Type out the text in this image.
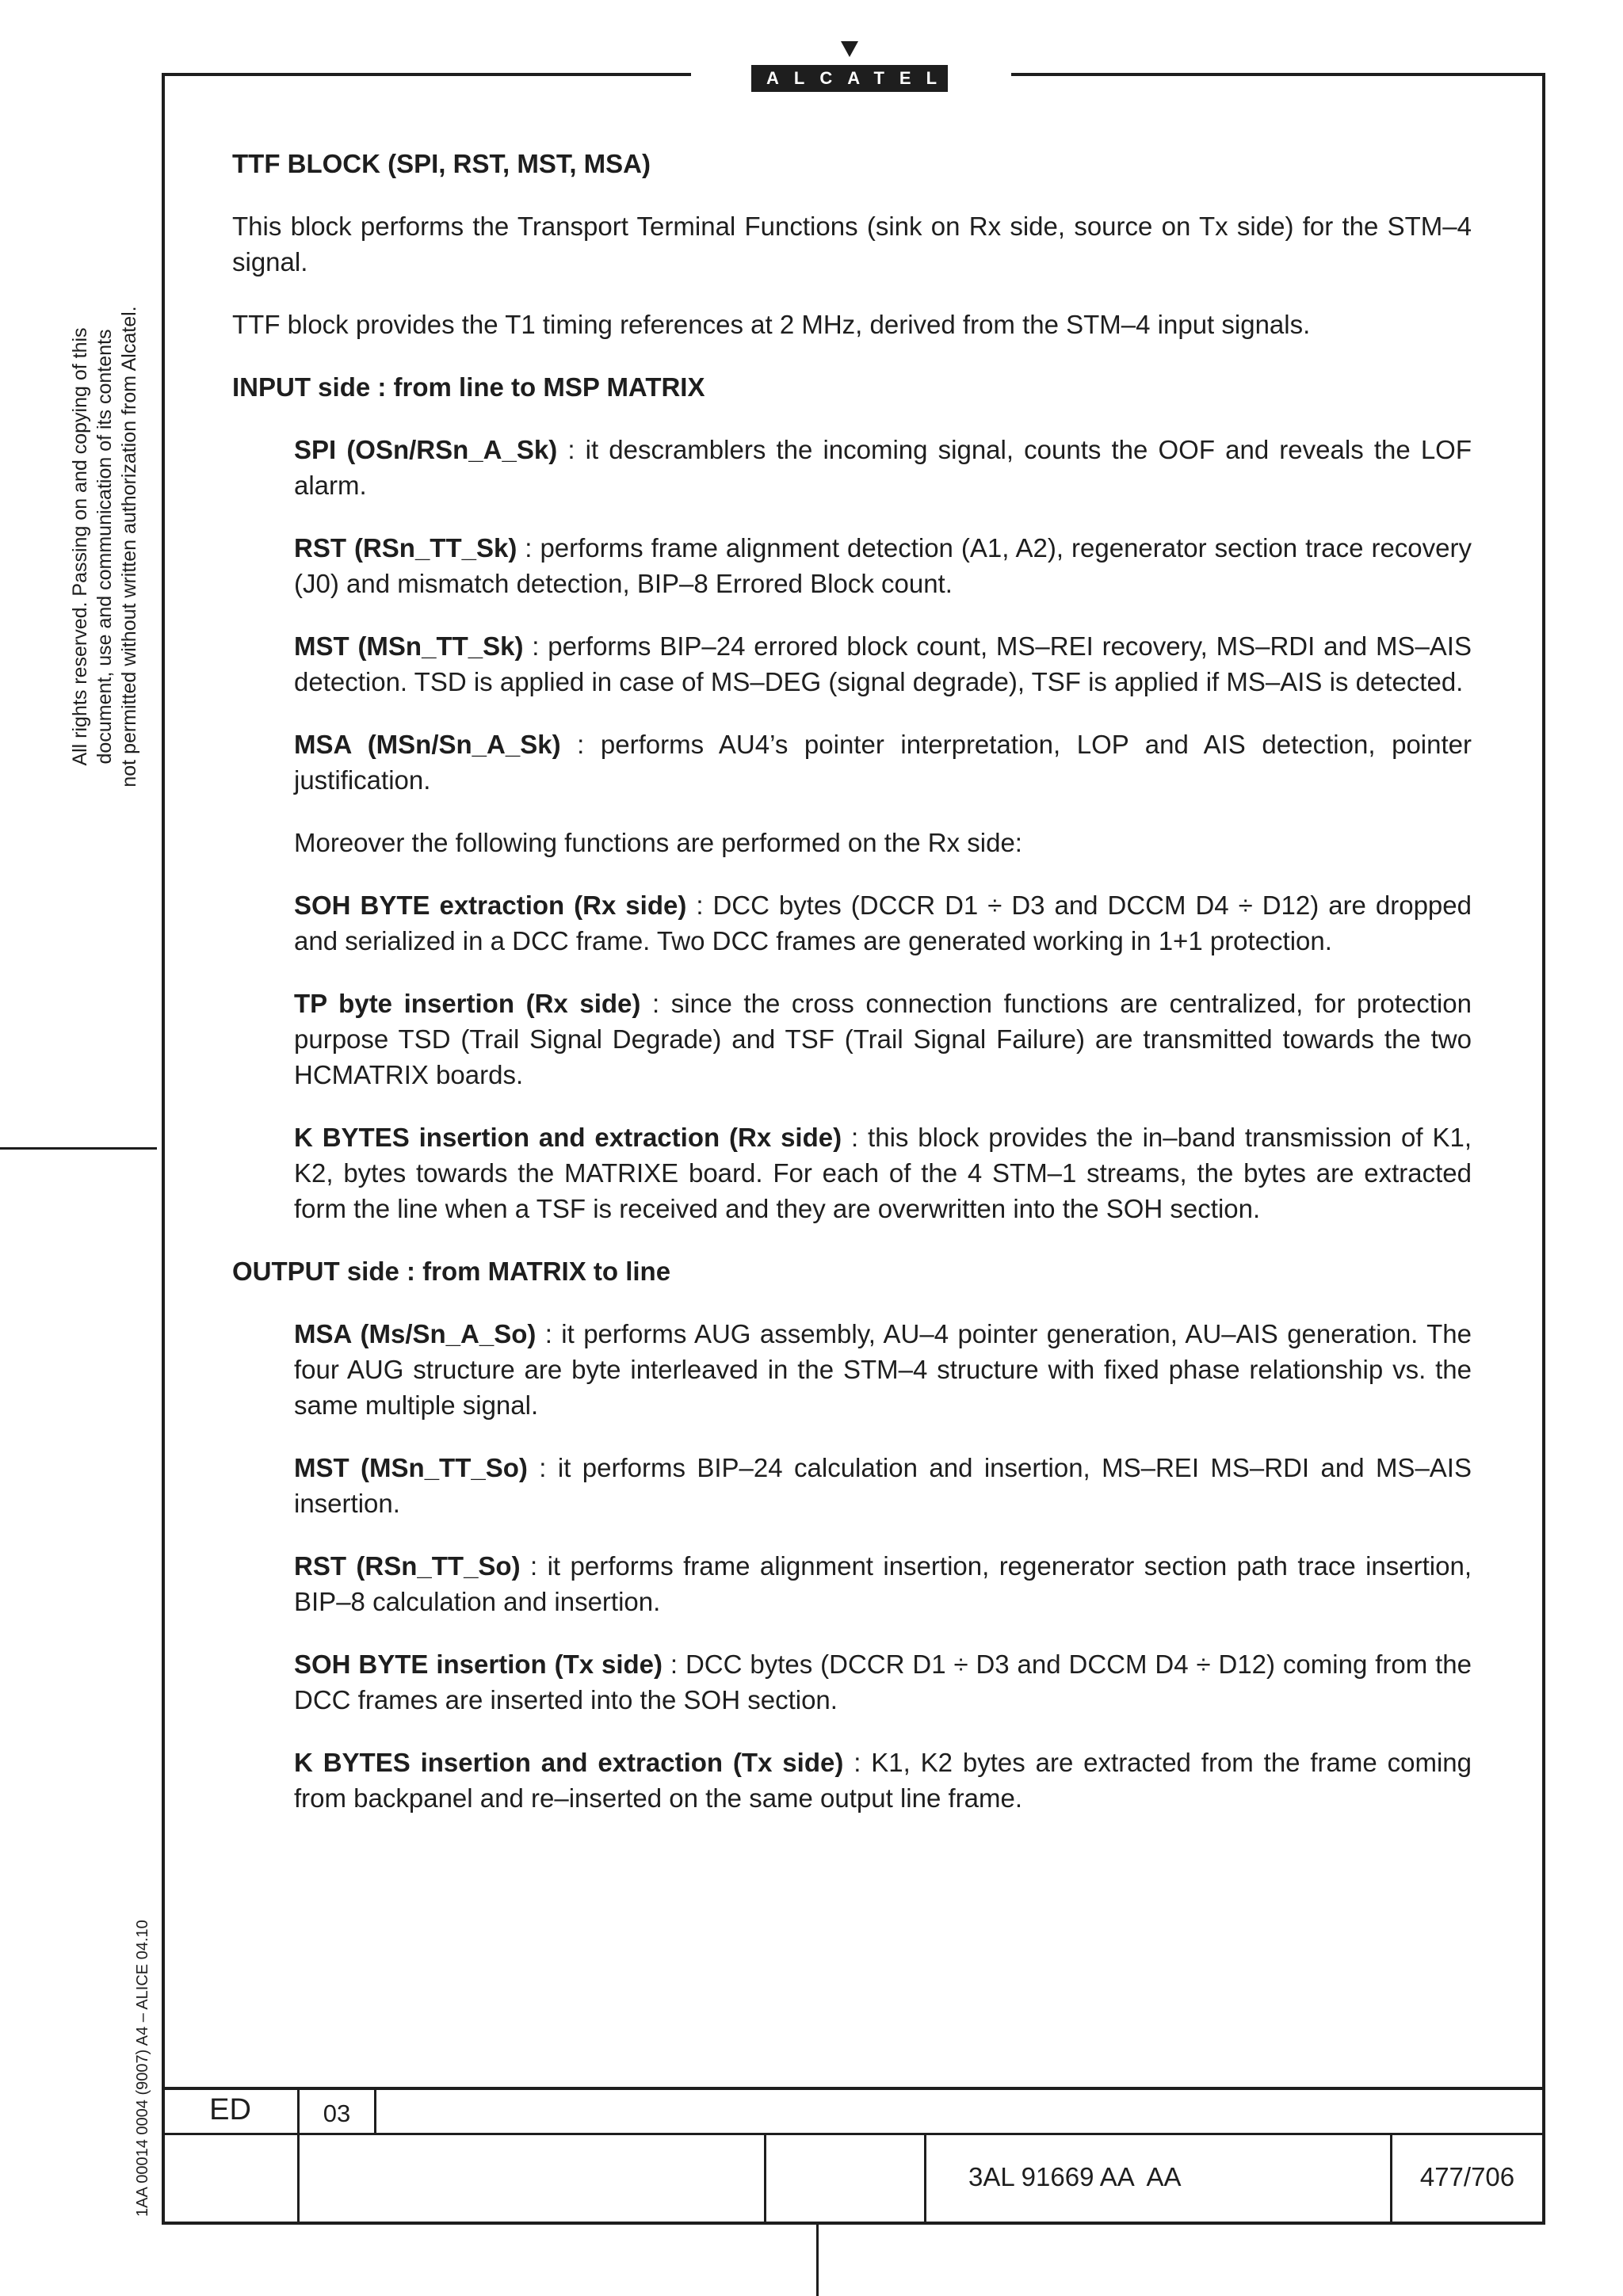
ALCATEL
All rights reserved. Passing on and copying of this document, use and communication of its contents not permitted without written authorization from Alcatel.
1AA 00014 0004 (9007) A4 – ALICE 04.10

TTF BLOCK (SPI, RST, MST, MSA)

This block performs the Transport Terminal Functions (sink on Rx side, source on Tx side) for the STM–4 signal.

TTF block provides the T1 timing references at 2 MHz, derived from the STM–4 input signals.

INPUT side : from line to MSP MATRIX

SPI (OSn/RSn_A_Sk) : it descramblers the incoming signal, counts the OOF and reveals the LOF alarm.

RST (RSn_TT_Sk) : performs frame alignment detection (A1, A2), regenerator section trace recovery (J0) and mismatch detection, BIP–8 Errored Block count.

MST (MSn_TT_Sk) : performs BIP–24 errored block count, MS–REI recovery, MS–RDI and MS–AIS detection. TSD is applied in case of MS–DEG (signal degrade), TSF is applied if MS–AIS is detected.

MSA (MSn/Sn_A_Sk) : performs AU4’s pointer interpretation, LOP and AIS detection, pointer justification.

Moreover the following functions are performed on the Rx side:

SOH BYTE extraction (Rx side) : DCC bytes (DCCR D1 ÷ D3 and DCCM D4 ÷ D12) are dropped and serialized in a DCC frame. Two DCC frames are generated working in 1+1 protection.

TP byte insertion (Rx side) : since the cross connection functions are centralized, for protection purpose TSD (Trail Signal Degrade) and TSF (Trail Signal Failure) are transmitted towards the two HCMATRIX boards.

K BYTES insertion and extraction (Rx side) : this block provides the in–band transmission of K1, K2, bytes towards the MATRIXE board. For each of the 4 STM–1 streams, the bytes are extracted form the line when a TSF is received and they are overwritten into the SOH section.

OUTPUT side : from MATRIX to line

MSA (Ms/Sn_A_So) : it performs AUG assembly, AU–4 pointer generation, AU–AIS generation. The four AUG structure are byte interleaved in the STM–4 structure with fixed phase relationship vs. the same multiple signal.

MST (MSn_TT_So) : it performs BIP–24 calculation and insertion, MS–REI MS–RDI and MS–AIS insertion.

RST (RSn_TT_So) : it performs frame alignment insertion, regenerator section path trace insertion, BIP–8 calculation and insertion.

SOH BYTE insertion (Tx side) : DCC bytes (DCCR D1 ÷ D3 and DCCM D4 ÷ D12) coming from the DCC frames are inserted into the SOH section.

K BYTES insertion and extraction (Tx side) : K1, K2 bytes are extracted from the frame coming from backpanel and re–inserted on the same output line frame.

ED	03
3AL 91669 AA  AA	477/706
